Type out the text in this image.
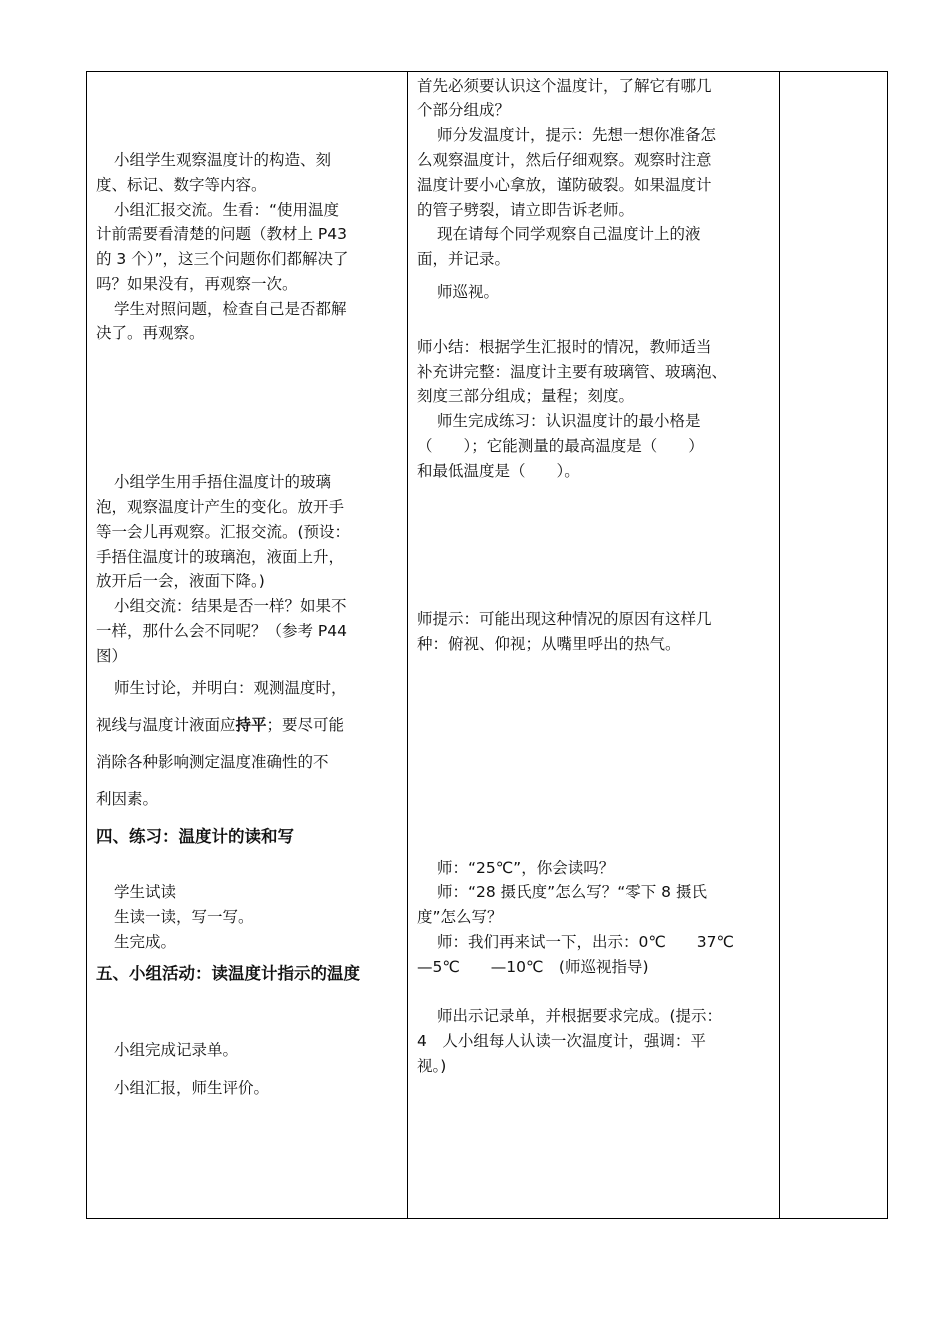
小组学生观察温度计的构造、刻
度、标记、数字等内容。
小组汇报交流。生看：“使用温度
计前需要看清楚的问题（教材上 P43
的 3 个）”，这三个问题你们都解决了
吗？如果没有，再观察一次。
学生对照问题，检查自己是否都解
决了。再观察。
小组学生用手捂住温度计的玻璃
泡，观察温度计产生的变化。放开手
等一会儿再观察。汇报交流。(预设：
手捂住温度计的玻璃泡，液面上升，
放开后一会，液面下降。)
小组交流：结果是否一样？如果不
一样，那什么会不同呢？（参考 P44
图）
师生讨论，并明白：观测温度时，
视线与温度计液面应持平；要尽可能
消除各种影响测定温度准确性的不
利因素。
四、练习：温度计的读和写
学生试读
生读一读，写一写。
生完成。
五、小组活动：读温度计指示的温度
小组完成记录单。
小组汇报，师生评价。
首先必须要认识这个温度计，了解它有哪几
个部分组成？
师分发温度计，提示：先想一想你准备怎
么观察温度计，然后仔细观察。观察时注意
温度计要小心拿放，谨防破裂。如果温度计
的管子劈裂，请立即告诉老师。
现在请每个同学观察自己温度计上的液
面，并记录。
师巡视。
师小结：根据学生汇报时的情况，教师适当
补充讲完整：温度计主要有玻璃管、玻璃泡、
刻度三部分组成；量程；刻度。
师生完成练习：认识温度计的最小格是
（　　）；它能测量的最高温度是（　　）
和最低温度是（　　）。
师提示：可能出现这种情况的原因有这样几
种：俯视、仰视；从嘴里呼出的热气。
师：“25℃”，你会读吗？
师：“28 摄氏度”怎么写？“零下 8 摄氏
度”怎么写？
师：我们再来试一下，出示：0℃　　37℃
—5℃　　—10℃　(师巡视指导)
师出示记录单，并根据要求完成。(提示：
4　人小组每人认读一次温度计，强调：平
视。)
